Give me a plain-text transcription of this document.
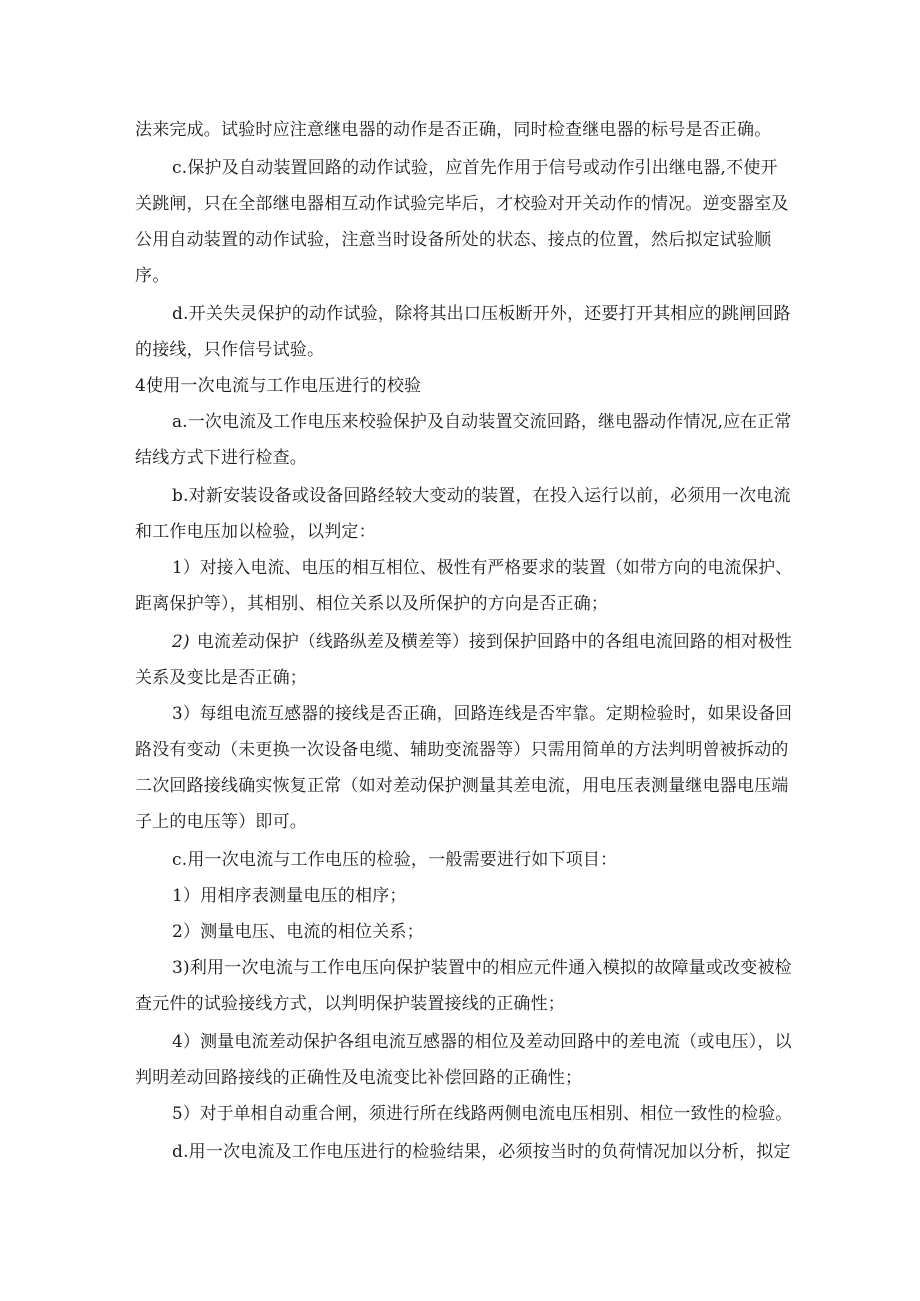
法来完成。试验时应注意继电器的动作是否正确，同时检查继电器的标号是否正确。
c.保护及自动装置回路的动作试验，应首先作用于信号或动作引出继电器,不使开
关跳闸，只在全部继电器相互动作试验完毕后，才校验对开关动作的情况。逆变器室及
公用自动装置的动作试验，注意当时设备所处的状态、接点的位置，然后拟定试验顺
序。
d.开关失灵保护的动作试验，除将其出口压板断开外，还要打开其相应的跳闸回路
的接线，只作信号试验。
4使用一次电流与工作电压进行的校验
a.一次电流及工作电压来校验保护及自动装置交流回路，继电器动作情况,应在正常
结线方式下进行检查。
b.对新安装设备或设备回路经较大变动的装置，在投入运行以前，必须用一次电流
和工作电压加以检验，以判定：
1）对接入电流、电压的相互相位、极性有严格要求的装置（如带方向的电流保护、
距离保护等），其相别、相位关系以及所保护的方向是否正确；
2) 电流差动保护（线路纵差及横差等）接到保护回路中的各组电流回路的相对极性
关系及变比是否正确；
3）每组电流互感器的接线是否正确，回路连线是否牢靠。定期检验时，如果设备回
路没有变动（未更换一次设备电缆、辅助变流器等）只需用简单的方法判明曾被拆动的
二次回路接线确实恢复正常（如对差动保护测量其差电流，用电压表测量继电器电压端
子上的电压等）即可。
c.用一次电流与工作电压的检验，一般需要进行如下项目：
1）用相序表测量电压的相序；
2）测量电压、电流的相位关系；
3)利用一次电流与工作电压向保护装置中的相应元件通入模拟的故障量或改变被检
查元件的试验接线方式，以判明保护装置接线的正确性；
4）测量电流差动保护各组电流互感器的相位及差动回路中的差电流（或电压），以
判明差动回路接线的正确性及电流变比补偿回路的正确性；
5）对于单相自动重合闸，须进行所在线路两侧电流电压相别、相位一致性的检验。
d.用一次电流及工作电压进行的检验结果，必须按当时的负荷情况加以分析，拟定
